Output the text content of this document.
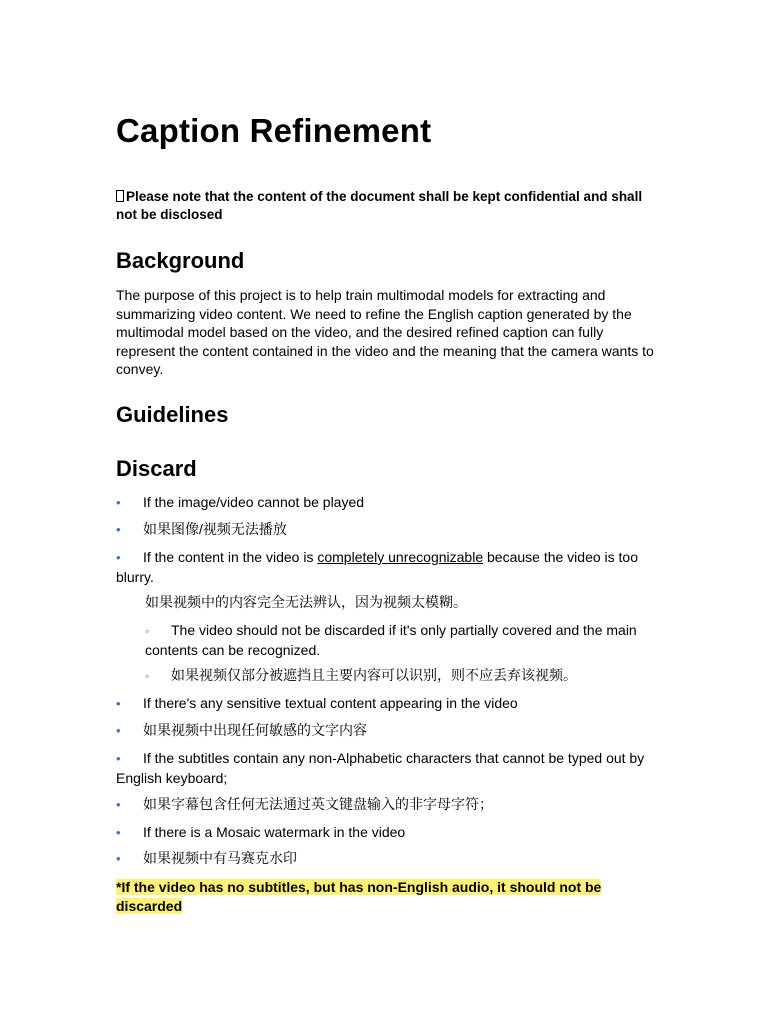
Caption Refinement

Please note that the content of the document shall be kept confidential and shall not be disclosed

Background

The purpose of this project is to help train multimodal models for extracting and summarizing video content. We need to refine the English caption generated by the multimodal model based on the video, and the desired refined caption can fully represent the content contained in the video and the meaning that the camera wants to convey.

Guidelines
Discard

• If the image/video cannot be played

• 如果图像/视频无法播放

• If the content in the video is completely unrecognizable because the video is too blurry.

如果视频中的内容完全无法辨认，因为视频太模糊。

◦ The video should not be discarded if it's only partially covered and the main contents can be recognized.

◦ 如果视频仅部分被遮挡且主要内容可以识别，则不应丢弃该视频。

• If there's any sensitive textual content appearing in the video

• 如果视频中出现任何敏感的文字内容

• If the subtitles contain any non-Alphabetic characters that cannot be typed out by English keyboard;

• 如果字幕包含任何无法通过英文键盘输入的非字母字符；

• If there is a Mosaic watermark in the video

• 如果视频中有马赛克水印

*If the video has no subtitles, but has non-English audio, it should not be discarded
